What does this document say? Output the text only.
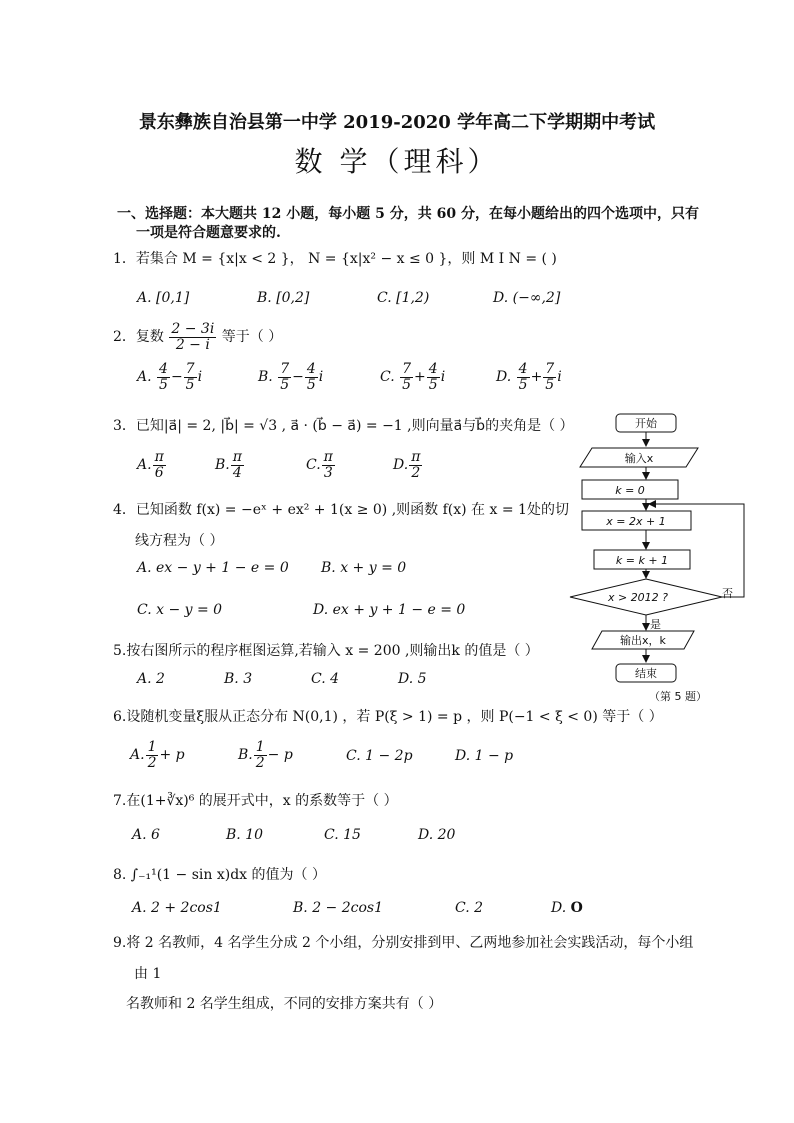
景东彝族自治县第一中学 2019-2020 学年高二下学期期中考试
数 学（理科）
一、选择题：本大题共 12 小题，每小题 5 分，共 60 分，在每小题给出的四个选项中，只有
一项是符合题意要求的.
1．若集合 M = {x|x < 2 }， N = {x|x² − x ≤ 0 }，则 M I N = ( )
A. [0,1]	B. [0,2]	C. [1,2)	D. (−∞,2]
2．复数 $\frac{2 - 3i}{2 - i}$ 等于（ ）
A. $\frac{4}{5} - \frac{7}{5}$ i	B. $\frac{7}{5} - \frac{4}{5}$ i	C. $\frac{7}{5} + \frac{4}{5}$ i	D. $\frac{4}{5} + \frac{7}{5}$ i
3．已知|a⃗| = 2, |b⃗| = √3 , a⃗ · (b⃗ − a⃗) = −1 ,则向量a⃗与b⃗的夹角是（ ）
A. $\frac{\pi}{6}$	B. $\frac{\pi}{4}$	C. $\frac{\pi}{3}$	D. $\frac{\pi}{2}$
4．已知函数 f(x) = −eˣ + ex² + 1(x ≥ 0) ,则函数 f(x) 在 x = 1处的切
线方程为（ ）
A. ex − y + 1 − e = 0 B. x + y = 0
C. x − y = 0	D. ex + y + 1 − e = 0
5.按右图所示的程序框图运算,若输入 x = 200 ,则输出k 的值是（ ）
A. 2	B. 3	C. 4	D. 5
6.设随机变量ξ服从正态分布 N(0,1) ，若 P(ξ > 1) = p ，则 P(−1 < ξ < 0) 等于（ ）
A. $\frac{1}{2} + p$	B. $\frac{1}{2} - p$	C. 1 − 2p	D. 1 − p
7.在(1+∛x)⁶ 的展开式中，x 的系数等于（ ）
A. 6	B. 10	C. 15	D. 20
8. ∫₋₁¹(1 − sin x)dx 的值为（ ）
A. 2 + 2cos1	B. 2 − 2cos1	C. 2	D. O
9.将 2 名教师，4 名学生分成 2 个小组，分别安排到甲、乙两地参加社会实践活动，每个小组
由 1
名教师和 2 名学生组成，不同的安排方案共有（ ）
开始
输入x
k = 0
x = 2x + 1
k = k + 1
x > 2012 ?	否
是
输出x，k
结束
（第 5 题）
